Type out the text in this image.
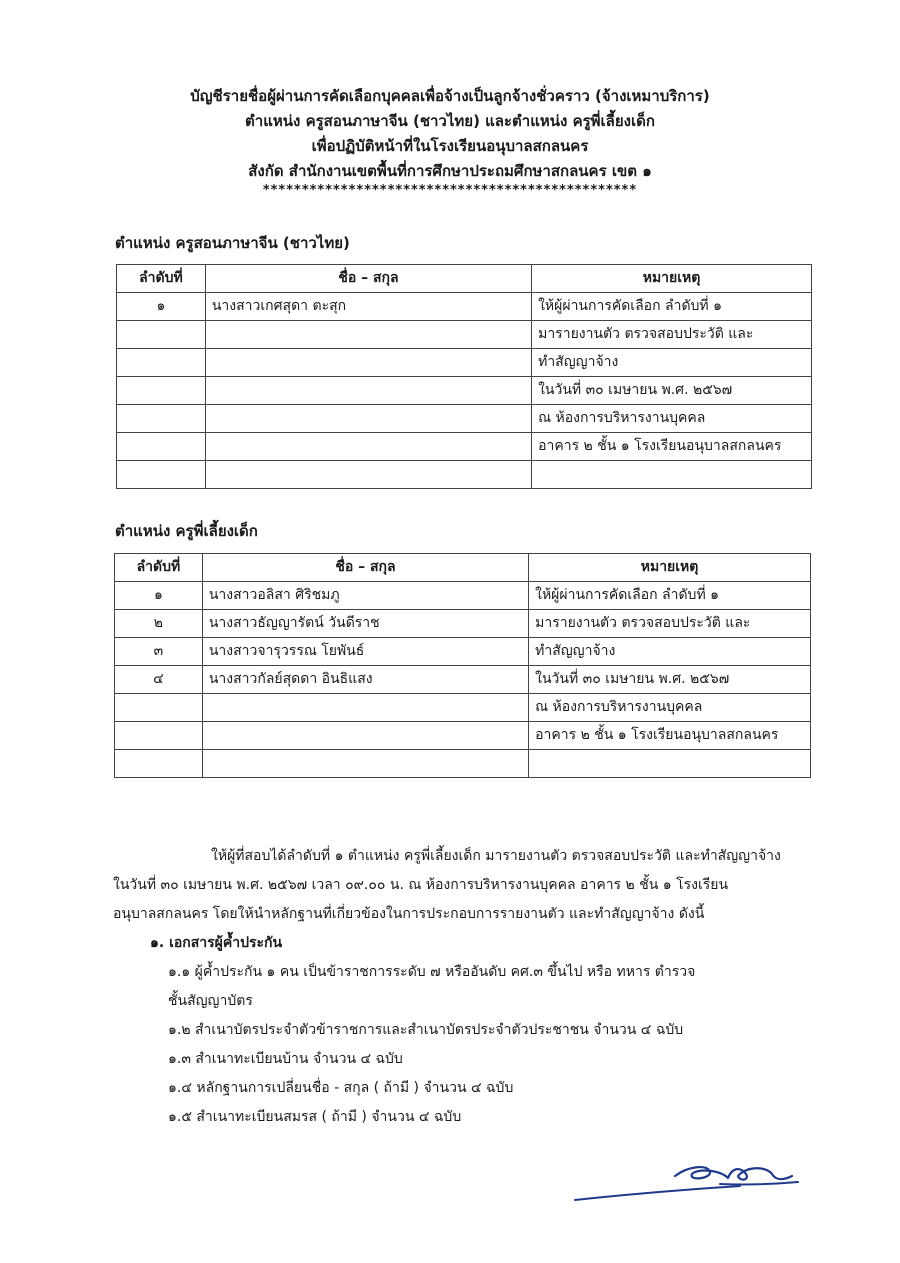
บัญชีรายชื่อผู้ผ่านการคัดเลือกบุคคลเพื่อจ้างเป็นลูกจ้างชั่วคราว (จ้างเหมาบริการ)
ตำแหน่ง ครูสอนภาษาจีน (ชาวไทย) และตำแหน่ง ครูพี่เลี้ยงเด็ก
เพื่อปฏิบัติหน้าที่ในโรงเรียนอนุบาลสกลนคร
สังกัด สำนักงานเขตพื้นที่การศึกษาประถมศึกษาสกลนคร เขต ๑
************************************************
ตำแหน่ง ครูสอนภาษาจีน (ชาวไทย)
ลำดับที่	ชื่อ – สกุล	หมายเหตุ
๑	นางสาวเกศสุดา ตะสุก	ให้ผู้ผ่านการคัดเลือก ลำดับที่ ๑
		มารายงานตัว ตรวจสอบประวัติ และ
		ทำสัญญาจ้าง
		ในวันที่ ๓๐ เมษายน พ.ศ. ๒๕๖๗
		ณ ห้องการบริหารงานบุคคล
		อาคาร ๒ ชั้น ๑ โรงเรียนอนุบาลสกลนคร

ตำแหน่ง ครูพี่เลี้ยงเด็ก
ลำดับที่	ชื่อ – สกุล	หมายเหตุ
๑	นางสาวอลิสา ศิริชมภู	ให้ผู้ผ่านการคัดเลือก ลำดับที่ ๑
๒	นางสาวธัญญารัตน์ วันดีราช	มารายงานตัว ตรวจสอบประวัติ และ
๓	นางสาวจารุวรรณ โยพันธ์	ทำสัญญาจ้าง
๔	นางสาวกัลย์สุดดา อินธิแสง	ในวันที่ ๓๐ เมษายน พ.ศ. ๒๕๖๗
		ณ ห้องการบริหารงานบุคคล
		อาคาร ๒ ชั้น ๑ โรงเรียนอนุบาลสกลนคร

ให้ผู้ที่สอบได้ลำดับที่ ๑ ตำแหน่ง ครูพี่เลี้ยงเด็ก มารายงานตัว ตรวจสอบประวัติ และทำสัญญาจ้าง

ในวันที่ ๓๐ เมษายน พ.ศ. ๒๕๖๗ เวลา ๐๙.๐๐ น. ณ ห้องการบริหารงานบุคคล อาคาร ๒ ชั้น ๑ โรงเรียน

อนุบาลสกลนคร โดยให้นำหลักฐานที่เกี่ยวข้องในการประกอบการรายงานตัว และทำสัญญาจ้าง ดังนี้

๑. เอกสารผู้ค้ำประกัน
๑.๑ ผู้ค้ำประกัน ๑ คน เป็นข้าราชการระดับ ๗ หรืออันดับ คศ.๓ ขึ้นไป หรือ ทหาร ตำรวจ
ชั้นสัญญาบัตร
๑.๒ สำเนาบัตรประจำตัวข้าราชการและสำเนาบัตรประจำตัวประชาชน จำนวน ๔ ฉบับ
๑.๓ สำเนาทะเบียนบ้าน จำนวน ๔ ฉบับ
๑.๔ หลักฐานการเปลี่ยนชื่อ - สกุล ( ถ้ามี ) จำนวน ๔ ฉบับ
๑.๕ สำเนาทะเบียนสมรส ( ถ้ามี ) จำนวน ๔ ฉบับ
